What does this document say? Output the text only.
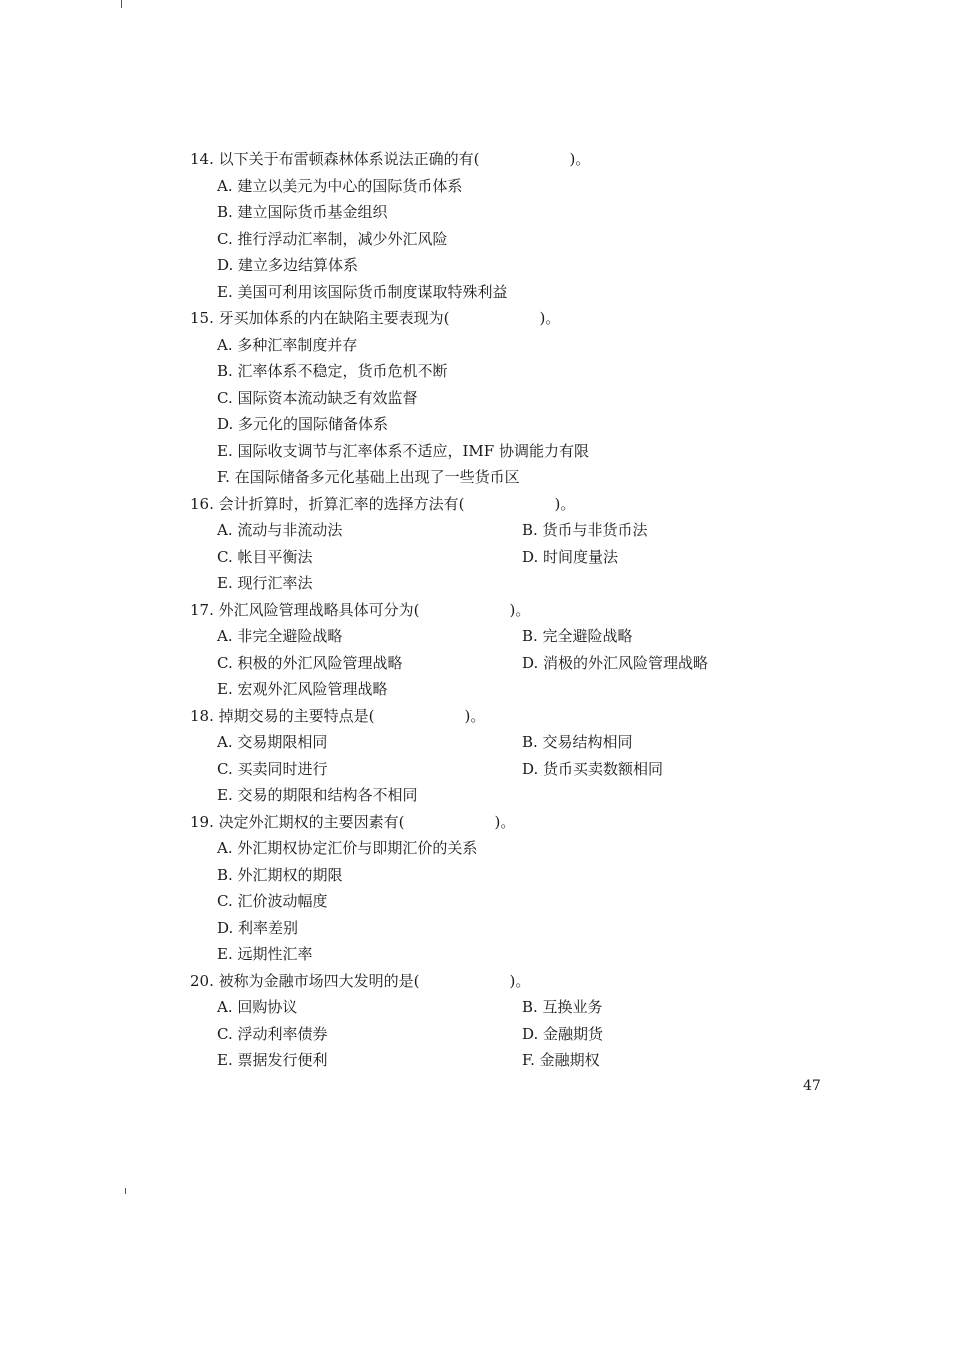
14. 以下关于布雷顿森林体系说法正确的有(　　　　　　)。
A. 建立以美元为中心的国际货币体系
B. 建立国际货币基金组织
C. 推行浮动汇率制，减少外汇风险
D. 建立多边结算体系
E. 美国可利用该国际货币制度谋取特殊利益
15. 牙买加体系的内在缺陷主要表现为(　　　　　　)。
A. 多种汇率制度并存
B. 汇率体系不稳定，货币危机不断
C. 国际资本流动缺乏有效监督
D. 多元化的国际储备体系
E. 国际收支调节与汇率体系不适应，IMF 协调能力有限
F. 在国际储备多元化基础上出现了一些货币区
16. 会计折算时，折算汇率的选择方法有(　　　　　　)。
A. 流动与非流动法	B. 货币与非货币法
C. 帐目平衡法	D. 时间度量法
E. 现行汇率法
17. 外汇风险管理战略具体可分为(　　　　　　)。
A. 非完全避险战略	B. 完全避险战略
C. 积极的外汇风险管理战略	D. 消极的外汇风险管理战略
E. 宏观外汇风险管理战略
18. 掉期交易的主要特点是(　　　　　　)。
A. 交易期限相同	B. 交易结构相同
C. 买卖同时进行	D. 货币买卖数额相同
E. 交易的期限和结构各不相同
19. 决定外汇期权的主要因素有(　　　　　　)。
A. 外汇期权协定汇价与即期汇价的关系
B. 外汇期权的期限
C. 汇价波动幅度
D. 利率差别
E. 远期性汇率
20. 被称为金融市场四大发明的是(　　　　　　)。
A. 回购协议	B. 互换业务
C. 浮动利率债券	D. 金融期货
E. 票据发行便利	F. 金融期权
47
